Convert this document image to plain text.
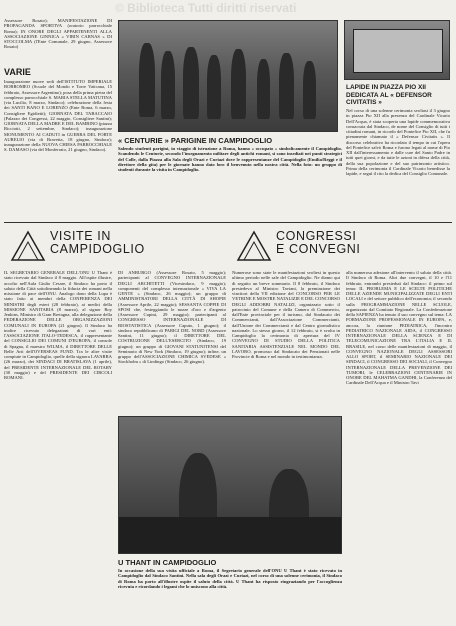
© Biblioteca Tutti diritti riservati

Assessore Rosato); MANIFESTAZIONE DI PROPAGANDA SPORTIVA (oratorio parrocchiale Roma); IN ONORE DEGLI APPARTENENTI ALLA ASSOCIAZIONE GINNICA « VIRIN CARNAS » DI STOCCOLMA (l'Ente Comunale, 29 giugno, Assessore Rosato)

VARIE

Inaugurazione nuove sedi dell'ISTITUTO IMPERIALE BORROMEO (Scuole del Mondo e Torre Vaticana, 15 febbraio, Assessore Argentino); posa della prima pietra del complesso parrocchiale S. MARIA STELLA MATUTINA (via Lucilio, 8 marzo, Sindaco); celebrazione della festa dei SANTI BANO E LORENZO (Ente Roma, 6 marzo, Consigliere Egidietti); GIORNATA DEL TABACCAIO (Palazzo dei Congressi, 22 maggio, Consigliere Santini); GIORNATA DELLA MADRE E DEL BAMBINO (piazza Ricciotti, 2 settembre, Sindaco); inaugurazione MONUMENTO AI CADUTI in GUERRA DEL FORTE AURELIO (via di Bravetta, 18 giugno, Sindaco); inaugurazione della NUOVA CHIESA PARROCCHIALE S. DAMASO (via del Monferrato, 21 giugno, Sindaco).

« CENTURIE » PARIGINE IN CAMPIDOGLIO

Salendo studenti parigini, in viaggio di istruzione a Roma, hanno « occupato » simbolicamente il Campidoglio. Scandendo le Centurie, secondo l'insegnamento militare degli antichi romani, si sono insediati nei punti strategici del Colle, dalla Piazza alla Sala degli Orazi e Curiazi dove le rappresentanze del Campidoglio (Emilia/Reggi e il direttore della gita) per le giornate hanno dato loro il benvenuto nella nostra città. Nella foto: un gruppo di studenti durante la visita in Campidoglio.

LAPIDE IN PIAZZA PIO XII DEDICATA AL « DEFENSOR CIVITATIS »

Nel corso di una solenne cerimonia svoltasi il 3 giugno in piazza Pio XII alla presenza del Cardinale Vicario Dell'Acqua, è stata scoperta una lapide commemorativa consacrata dal Sindaco, de nome del Consiglio di tutti i cittadini romani, in ricordo del Pontefice Pio XII, che fu pienamente chiamato il « Defensor Civitatis ». Il discorso celebrativo ha ricordato il tempo in cui l'opera del Pontefice salvò Roma e furono legati al nome di Pio XII dall'interessamento e dalle cure del Santo Padre in tutti quei giorni, e da tutte le azioni in difesa della città, della sua popolazione e del suo patrimonio artistico. Prima della cerimonia il Cardinale Vicario benedisse la lapide, e seguì il rito la dedica del Consiglio Comunale.

VISITE IN
CAMPIDOGLIO
CONGRESSI
E CONVEGNI

IL SEGRETARIO GENERALE DELL'ONU U Thant è stato ricevuto dal Sindaco il 8 maggio. All'ospite illustre, accolto nell'Aula Giulio Cesare, il Sindaco ha porto il saluto della Città sottolineando la fiducia dei romani nella missione di pace dell'ONU. Analogo dono della Lupa è stato fatto ai membri della CONFERENZA DEI MINISTRI degli esteri (28 febbraio), ai medici della MISSIONE SANITARIA (8 marzo), al signor Roy Jenkins, Ministro di Gran Bretagna, alla delegazione della FEDERAZIONE DELLE ORGANIZZAZIONI COMUNALI IN EUROPA (21 giugno). Il Sindaco ha inoltre ricevuto delegazioni di vari enti: l'ASSOCIAZIONE ITALO-TEDESCA, il rappresentante del CONSIGLIO DEI COMUNI D'EUROPA, il console di Spagna, il maestro WILMA, il DIRETTORE DELLE Belle Arti dell'OVERSEAS FUND. Tra le altre visite compiute in Campidoglio, quelle della signora LAVARRA (26 marzo), dei SINDACI DI BRATISLAVA (1 aprile), del PRESIDENTE INTERNAZIONALE DEL ROTARY (30 maggio) e del PRESIDENTE DEI CIRCOLI ROMANI.

DI ANBURGO (Assessore Rosato, 5 maggio); partecipanti al CONVEGNO INTERNAZIONALE DEGLI ARCHITETTI (Vicesindaco, 9 maggio); componenti del complesso internazionale « VIVA LA GENTE » (Sindaco, 26 maggio); un gruppo di AMMINISTRATORI DELLA CITTÀ DI SHOPIE (Assessore Aprile, 22 maggio); SESSANTA COPPIE DI SPOSI che, festeggiando le nozze d'oro e d'argento (Assessore Cupini, 29 maggio); partecipanti al CONGRESSO INTERNAZIONALE DI BIOSTATISTICA (Assessore Caputo, 1 giugno); il sindaco repubblicano di PARIGI DEL NORD (Assessore Santini, 11 giugno); il DIRETTORE DEL COSTRUZIONE DELL'ESERCITO (Sindaco, 19 giugno); un gruppo di GIOVANI STATUNITENSI del Seminario di New York (Sindaco, 19 giugno); infine, un gruppo dell'ASSOCIAZIONE CHIMICA SVEDESE « Stockholm » di Lindingo (Sindaco, 26 giugno).

Numerose sono state le manifestazioni svoltesi in questo ultimo periodo nelle sale del Campidoglio. Ne diamo qui di seguito un breve sommario. Il 8 febbraio, il Sindaco presiedeva al Ministro Taviani, la premiazione dei vincitori della VII edizione del CONCORSO PER LE VETRINE E MOSTRE NATALIZIE E DEL CONCORSO DEGLI ADDOBBI NATALIZI, organizzato sotto il patrocinio del Comune e della Camera di Commercio, dall'Ente provinciale per il turismo, dal Sindacato dei Commercianti, dall'Associazione Commercianti, dall'Unione dei Commercianti e dal Centro giornalistico nazionale. Lo stesso giorno, il 12 febbraio, si è svolta in Campidoglio la cerimonia di apertura del IV CONVEGNO DI STUDIO DELLA POLITICA SANITARIA ASSISTENZIALE NEL MONDO DEL LAVORO, promosso dal Sindacato dei Pensionati nelle Provincie di Roma e nel mondo in testimonianza.

alla numerosa adesione all'intervento il saluto della città. Il Sindaco di Roma. Altri due convegni, il 10 e l'11 febbraio, entrambi presieduti dal Sindaco: il primo sul tema: IL PROBLEMA E LE SCELTE POLITICHE DELLE AZIENDE MUNICIPALIZZATE DEGLI ENTI LOCALI e del settore pubblico dell'economia; il secondo sulla PROGRAMMAZIONE NELLE SCUOLE, organizzato dal Comitato Regionale. La Confederazione della SAPIENZA ha tenuto il suo convegno sul tema: LA FORMAZIONE PROFESSIONALE IN EUROPA, e, ancora, la riunione PEDIATRICA, l'incontro PEDIATRICO NAZIONALE AIDA, il CONGRESSO INTERNAZIONALE DELLA SCIENZA E DI TELECOMUNICAZIONE TRA L'ITALIA E IL BRASILE, nel corso delle manifestazioni di maggio, il CONVEGNO NAZIONALE DEGLI ASSESSORI ALLO SPORT, il SEMINARIO NAZIONALE DEI SINDACI, il CONGRESSO DEI SOCIALI, il Convegno INTERNAZIONALE DELLA PREVENZIONE DEI TUMORI, le CELEBRAZIONI CENTENARIE IN ONORE DEL MAHATMA GANDHI, la Conferenza del Cardinale Dell'Acqua e il Ministro Tavi

U THANT IN CAMPIDOGLIO

In occasione della sua visita ufficiale a Roma, il Segretario generale dell'ONU U Thant è stato ricevuto in Campidoglio dal Sindaco Santini. Nella sala degli Orazi e Curiazi, nel corso di una solenne cerimonia, il Sindaco di Roma ha porto all'illustre ospite il saluto della città. U Thant ha risposto ringraziando per l'accoglienza ricevuta e ricordando i legami che lo uniscono alla città.
